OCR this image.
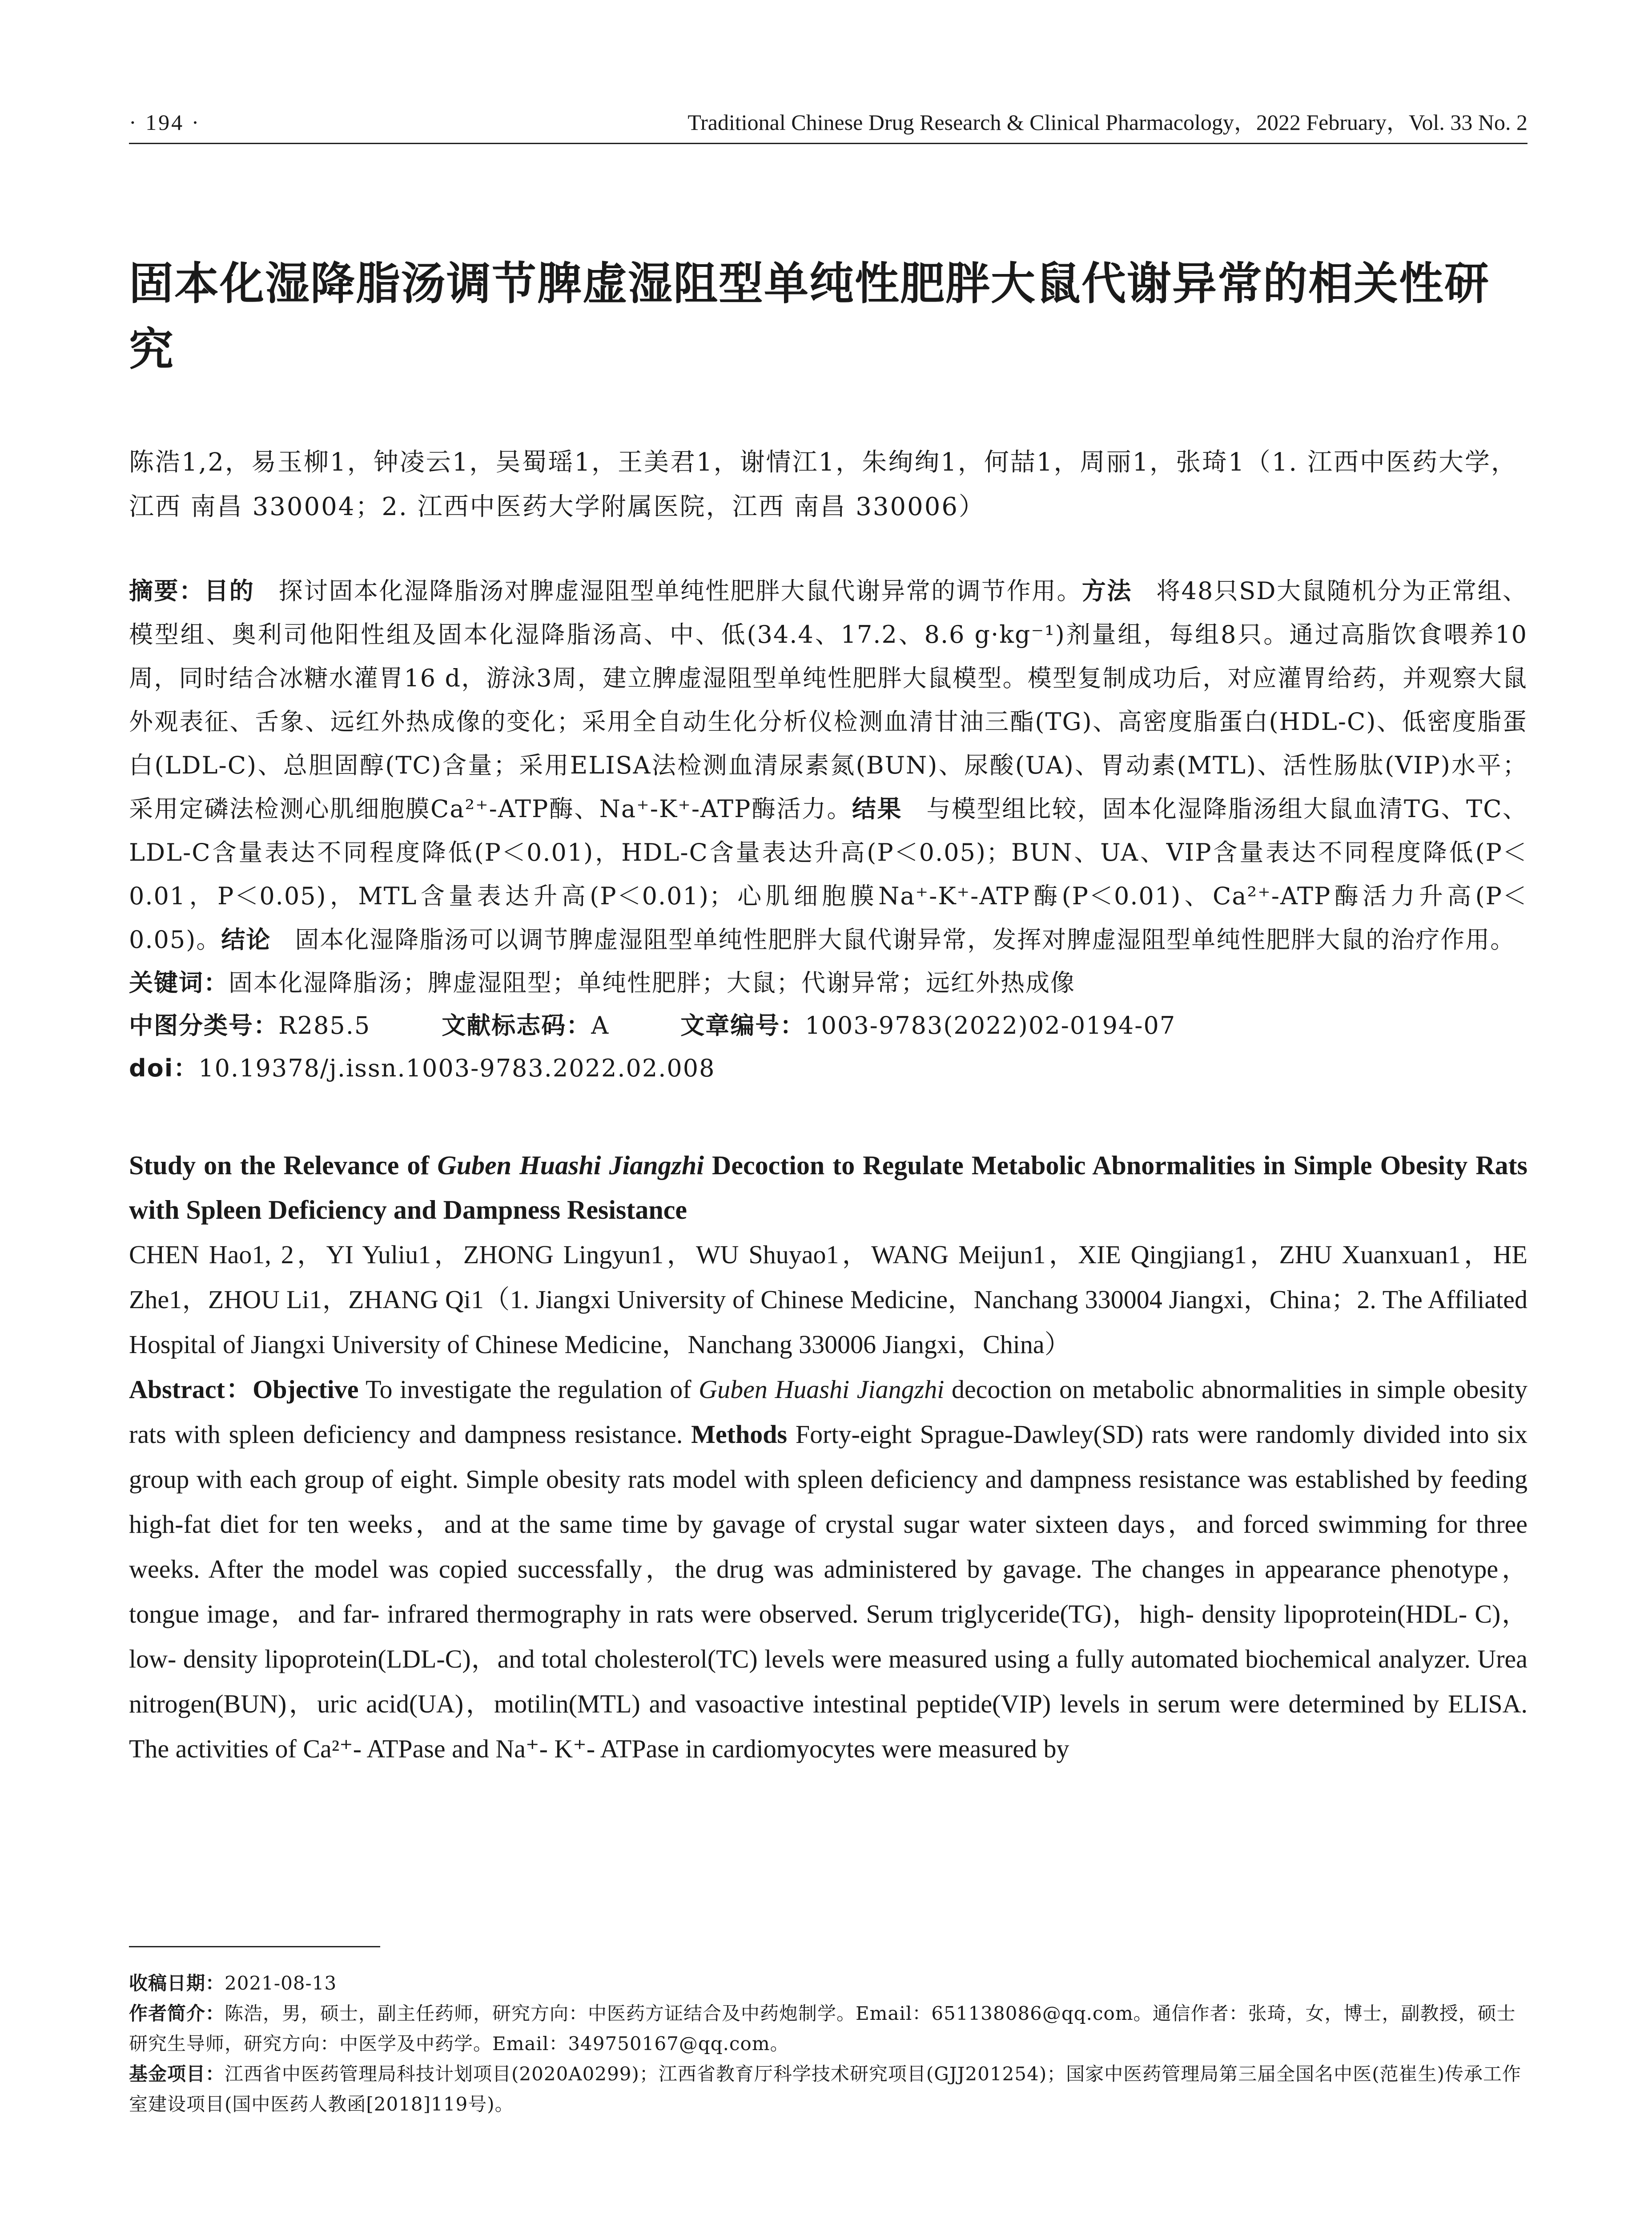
· 194 ·	Traditional Chinese Drug Research & Clinical Pharmacology，2022 February，Vol. 33 No. 2
固本化湿降脂汤调节脾虚湿阻型单纯性肥胖大鼠代谢异常的相关性研究
陈浩1,2，易玉柳1，钟凌云1，吴蜀瑶1，王美君1，谢情江1，朱绚绚1，何喆1，周丽1，张琦1（1. 江西中医药大学，江西 南昌 330004；2. 江西中医药大学附属医院，江西 南昌 330006）
摘要：目的 探讨固本化湿降脂汤对脾虚湿阻型单纯性肥胖大鼠代谢异常的调节作用。方法 将48只SD大鼠随机分为正常组、模型组、奥利司他阳性组及固本化湿降脂汤高、中、低(34.4、17.2、8.6 g·kg⁻¹)剂量组，每组8只。通过高脂饮食喂养10周，同时结合冰糖水灌胃16 d，游泳3周，建立脾虚湿阻型单纯性肥胖大鼠模型。模型复制成功后，对应灌胃给药，并观察大鼠外观表征、舌象、远红外热成像的变化；采用全自动生化分析仪检测血清甘油三酯(TG)、高密度脂蛋白(HDL-C)、低密度脂蛋白(LDL-C)、总胆固醇(TC)含量；采用ELISA法检测血清尿素氮(BUN)、尿酸(UA)、胃动素(MTL)、活性肠肽(VIP)水平；采用定磷法检测心肌细胞膜Ca²⁺-ATP酶、Na⁺-K⁺-ATP酶活力。结果 与模型组比较，固本化湿降脂汤组大鼠血清TG、TC、LDL-C含量表达不同程度降低(P＜0.01)，HDL-C含量表达升高(P＜0.05)；BUN、UA、VIP含量表达不同程度降低(P＜0.01，P＜0.05)，MTL含量表达升高(P＜0.01)；心肌细胞膜Na⁺-K⁺-ATP酶(P＜0.01)、Ca²⁺-ATP酶活力升高(P＜0.05)。结论 固本化湿降脂汤可以调节脾虚湿阻型单纯性肥胖大鼠代谢异常，发挥对脾虚湿阻型单纯性肥胖大鼠的治疗作用。
关键词：固本化湿降脂汤；脾虚湿阻型；单纯性肥胖；大鼠；代谢异常；远红外热成像
中图分类号：R285.5	文献标志码：A	文章编号：1003-9783(2022)02-0194-07
doi：10.19378/j.issn.1003-9783.2022.02.008
Study on the Relevance of Guben Huashi Jiangzhi Decoction to Regulate Metabolic Abnormalities in Simple Obesity Rats with Spleen Deficiency and Dampness Resistance
CHEN Hao1, 2，YI Yuliu1，ZHONG Lingyun1，WU Shuyao1，WANG Meijun1，XIE Qingjiang1，ZHU Xuanxuan1，HE Zhe1，ZHOU Li1，ZHANG Qi1（1. Jiangxi University of Chinese Medicine，Nanchang 330004 Jiangxi，China；2. The Affiliated Hospital of Jiangxi University of Chinese Medicine，Nanchang 330006 Jiangxi，China）
Abstract：Objective To investigate the regulation of Guben Huashi Jiangzhi decoction on metabolic abnormalities in simple obesity rats with spleen deficiency and dampness resistance. Methods Forty-eight Sprague-Dawley(SD) rats were randomly divided into six group with each group of eight. Simple obesity rats model with spleen deficiency and dampness resistance was established by feeding high-fat diet for ten weeks，and at the same time by gavage of crystal sugar water sixteen days，and forced swimming for three weeks. After the model was copied successfally，the drug was administered by gavage. The changes in appearance phenotype，tongue image，and far- infrared thermography in rats were observed. Serum triglyceride(TG)，high- density lipoprotein(HDL- C)，low- density lipoprotein(LDL-C)，and total cholesterol(TC) levels were measured using a fully automated biochemical analyzer. Urea nitrogen(BUN)，uric acid(UA)，motilin(MTL) and vasoactive intestinal peptide(VIP) levels in serum were determined by ELISA. The activities of Ca²⁺- ATPase and Na⁺- K⁺- ATPase in cardiomyocytes were measured by
收稿日期：2021-08-13
作者简介：陈浩，男，硕士，副主任药师，研究方向：中医药方证结合及中药炮制学。Email：651138086@qq.com。通信作者：张琦，女，博士，副教授，硕士研究生导师，研究方向：中医学及中药学。Email：349750167@qq.com。
基金项目：江西省中医药管理局科技计划项目(2020A0299)；江西省教育厅科学技术研究项目(GJJ201254)；国家中医药管理局第三届全国名中医(范崔生)传承工作室建设项目(国中医药人教函[2018]119号)。
